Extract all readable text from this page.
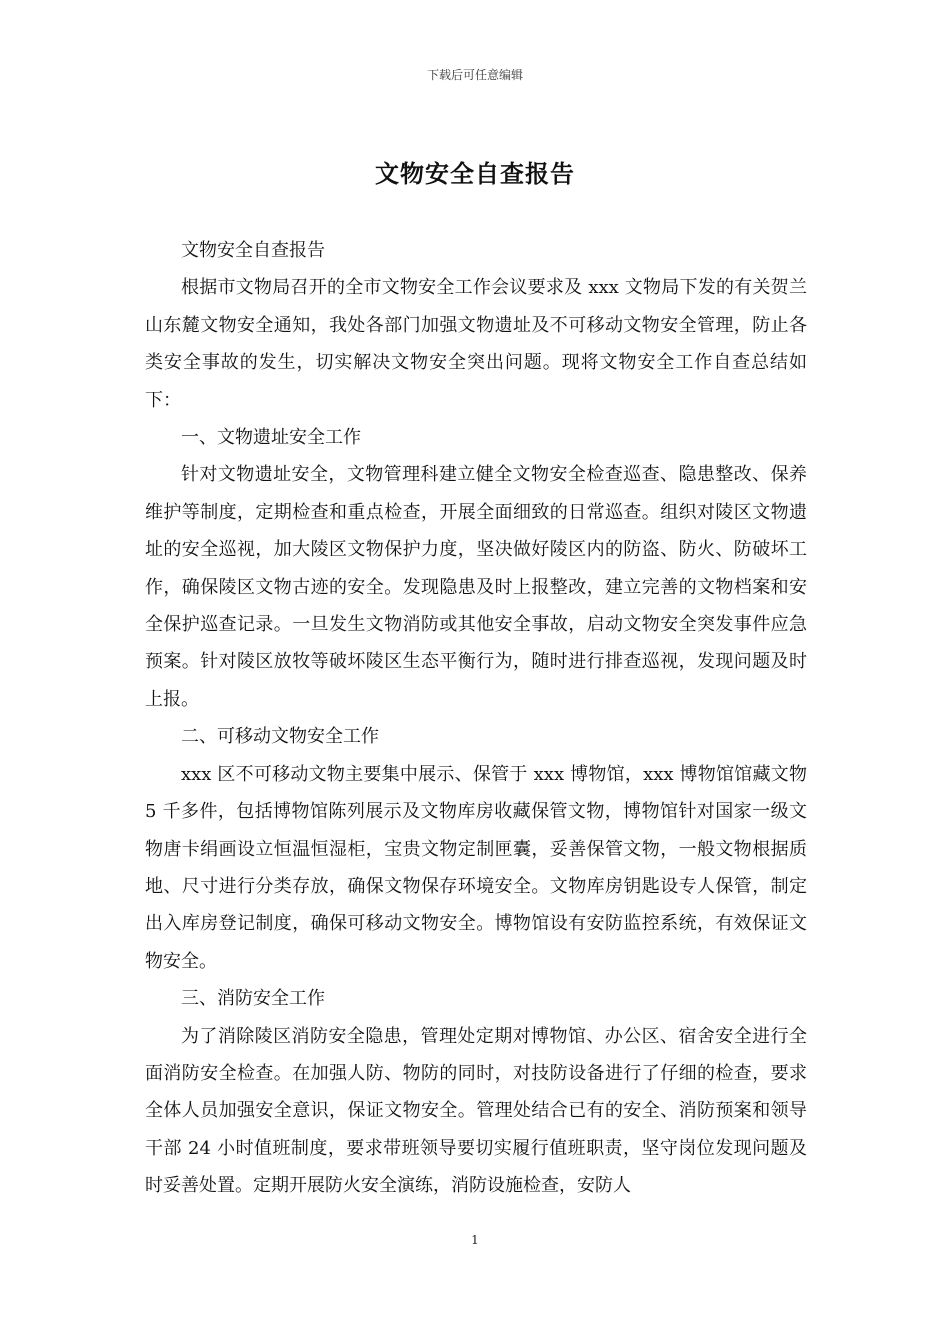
下载后可任意编辑
文物安全自查报告

文物安全自查报告

根据市文物局召开的全市文物安全工作会议要求及 xxx 文物局下发的有关贺兰山东麓文物安全通知，我处各部门加强文物遗址及不可移动文物安全管理，防止各类安全事故的发生，切实解决文物安全突出问题。现将文物安全工作自查总结如下：

一、文物遗址安全工作

针对文物遗址安全，文物管理科建立健全文物安全检查巡查、隐患整改、保养维护等制度，定期检查和重点检查，开展全面细致的日常巡查。组织对陵区文物遗址的安全巡视，加大陵区文物保护力度，坚决做好陵区内的防盗、防火、防破坏工作，确保陵区文物古迹的安全。发现隐患及时上报整改，建立完善的文物档案和安全保护巡查记录。一旦发生文物消防或其他安全事故，启动文物安全突发事件应急预案。针对陵区放牧等破坏陵区生态平衡行为，随时进行排查巡视，发现问题及时上报。

二、可移动文物安全工作

xxx 区不可移动文物主要集中展示、保管于 xxx 博物馆，xxx 博物馆馆藏文物 5 千多件，包括博物馆陈列展示及文物库房收藏保管文物，博物馆针对国家一级文物唐卡绢画设立恒温恒湿柜，宝贵文物定制匣囊，妥善保管文物，一般文物根据质地、尺寸进行分类存放，确保文物保存环境安全。文物库房钥匙设专人保管，制定出入库房登记制度，确保可移动文物安全。博物馆设有安防监控系统，有效保证文物安全。

三、消防安全工作

为了消除陵区消防安全隐患，管理处定期对博物馆、办公区、宿舍安全进行全面消防安全检查。在加强人防、物防的同时，对技防设备进行了仔细的检查，要求全体人员加强安全意识，保证文物安全。管理处结合已有的安全、消防预案和领导干部 24 小时值班制度，要求带班领导要切实履行值班职责，坚守岗位发现问题及时妥善处置。定期开展防火安全演练，消防设施检查，安防人

1
